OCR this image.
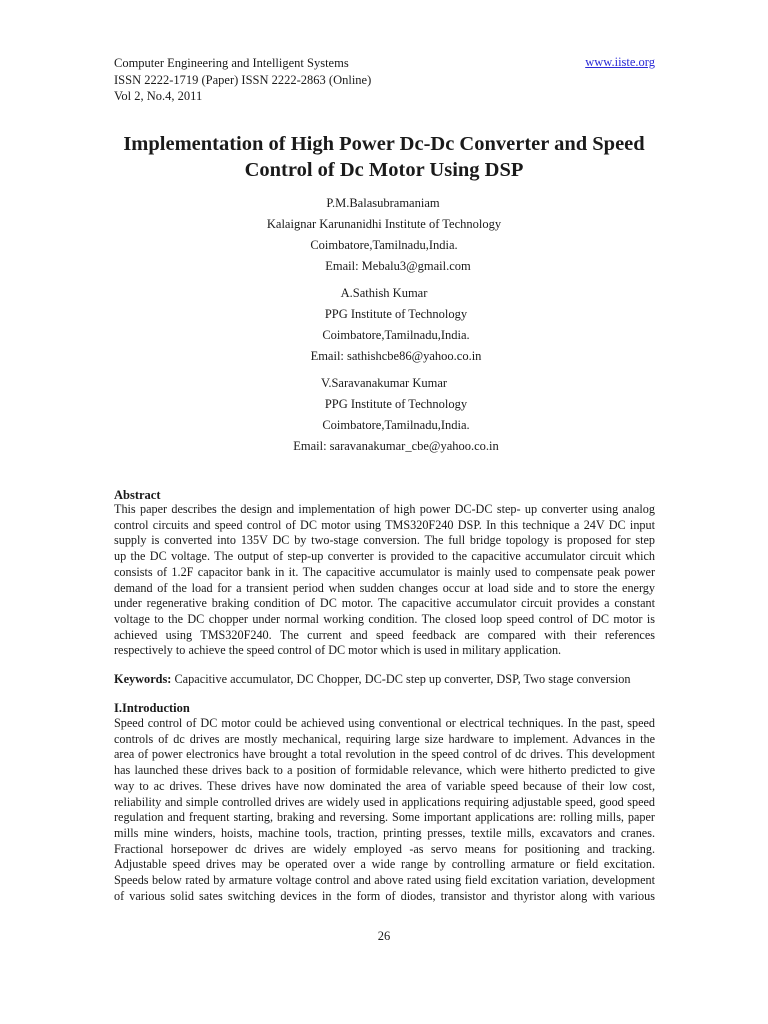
Computer Engineering and Intelligent Systems
ISSN 2222-1719 (Paper) ISSN 2222-2863 (Online)
Vol 2, No.4, 2011
www.iiste.org
Implementation of High Power Dc-Dc Converter and Speed
Control of Dc Motor Using DSP
P.M.Balasubramaniam
Kalaignar Karunanidhi Institute of Technology
Coimbatore,Tamilnadu,India.
Email: Mebalu3@gmail.com
A.Sathish Kumar
PPG Institute of Technology
Coimbatore,Tamilnadu,India.
Email: sathishcbe86@yahoo.co.in
V.Saravanakumar Kumar
PPG Institute of Technology
Coimbatore,Tamilnadu,India.
Email: saravanakumar_cbe@yahoo.co.in
Abstract
This paper describes the design and implementation of high power DC-DC step- up converter using analog
control circuits and speed control of DC motor using TMS320F240 DSP. In this technique a 24V DC input
supply is converted into 135V DC by two-stage conversion. The full bridge topology is proposed for step
up the DC voltage. The output of step-up converter is provided to the capacitive accumulator circuit which
consists of 1.2F capacitor bank in it. The capacitive accumulator is mainly used to compensate peak power
demand of the load for a transient period when sudden changes occur at load side and to store the energy
under regenerative braking condition of DC motor. The capacitive accumulator circuit provides a constant
voltage to the DC chopper under normal working condition. The closed loop speed control of DC motor is
achieved using TMS320F240. The current and speed feedback are compared with their references
respectively to achieve the speed control of DC motor which is used in military application.
Keywords: Capacitive accumulator, DC Chopper, DC-DC step up converter, DSP, Two stage conversion
I.Introduction
Speed control of DC motor could be achieved using conventional or electrical techniques. In the past, speed
controls of dc drives are mostly mechanical, requiring large size hardware to implement. Advances in the
area of power electronics have brought a total revolution in the speed control of dc drives. This development
has launched these drives back to a position of formidable relevance, which were hitherto predicted to give
way to ac drives. These drives have now dominated the area of variable speed because of their low cost,
reliability and simple controlled drives are widely used in applications requiring adjustable speed, good speed
regulation and frequent starting, braking and reversing. Some important applications are: rolling mills, paper
mills mine winders, hoists, machine tools, traction, printing presses, textile mills, excavators and cranes.
Fractional horsepower dc drives are widely employed -as servo means for positioning and tracking.
Adjustable speed drives may be operated over a wide range by controlling armature or field excitation.
Speeds below rated by armature voltage control and above rated using field excitation variation, development
of various solid sates switching devices in the form of diodes, transistor and thyristor along with various
26
